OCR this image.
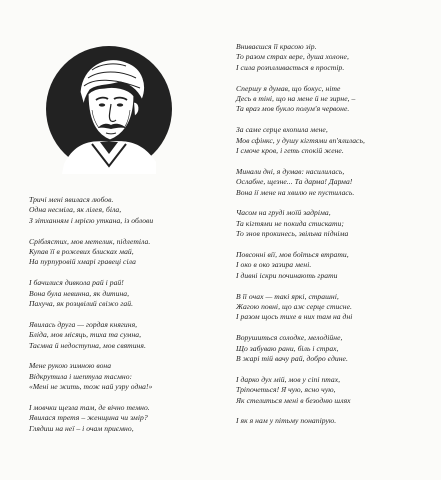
Тричі мені явилася любов.
Одна несміла, як лілея, біла,
З зітханням і мрією уткана, із облови
Сріблястих, мов метелик, підлетіла.
Купав її в рожевих блисках май,
На пурпуровій хмарі гравеці сіла
І бачилися дивкола рай і рай!
Вона була невинна, як дитина,
Пахуча, як розцвілий свіжо гай.
Явилась друга — гордая княгиня,
Блідa, мов місяць, тиха та сумна,
Таємна й недоступна, мов святиня.
Мене рукою зимною вона
Відкрутила і шептула тасмно:
«Мені не жить, тож най узру одна!»
І мовчки щезла там, де вічно темно.
Явилася третя – женщина чи змір?
Глядиш на неї – і очам приємно,
Вниваєшся її красою зір.
То разом страх вере, душа холоне,
І сила розплливається в простір.
Спершу я думав, що бокус, ніте
Десь в тіні, що на мене й не зирне, –
Та враз мов букло полум'я червоне.
За саме серце вхопила мене,
Мов сфінкс, у душу кігтями вп'ялилась,
І смоче кров, і геть спокій жене.
Минали дні, я думав: насилилась,
Ослабне, щезне... Та дарма! Дарма!
Вона ії мене на хвилю не пустилась.
Часом на груді моїй задріма,
Та кігтями не покида стискати;
То знов прокинесь, звільна підніма
Повсонні вії, мов боїться втрати,
І око в око зазира мені.
І дивні іскри починають грати
В її очах — такі яркі, страшні,
Жагою повні, що аж серце стисне.
І разом щось тихе в них там на дні
Ворушиться солодке, мелодійне,
Що забуваю рани, біль і страх,
В жарі тій вачу рай, добро єдине.
І дарко дух мій, мов у сіпі птах,
Тріпочеться! Я чую, ясно чую,
Як стелиться мені в безодню шлях
І як я нам у пітьму понапірую.
